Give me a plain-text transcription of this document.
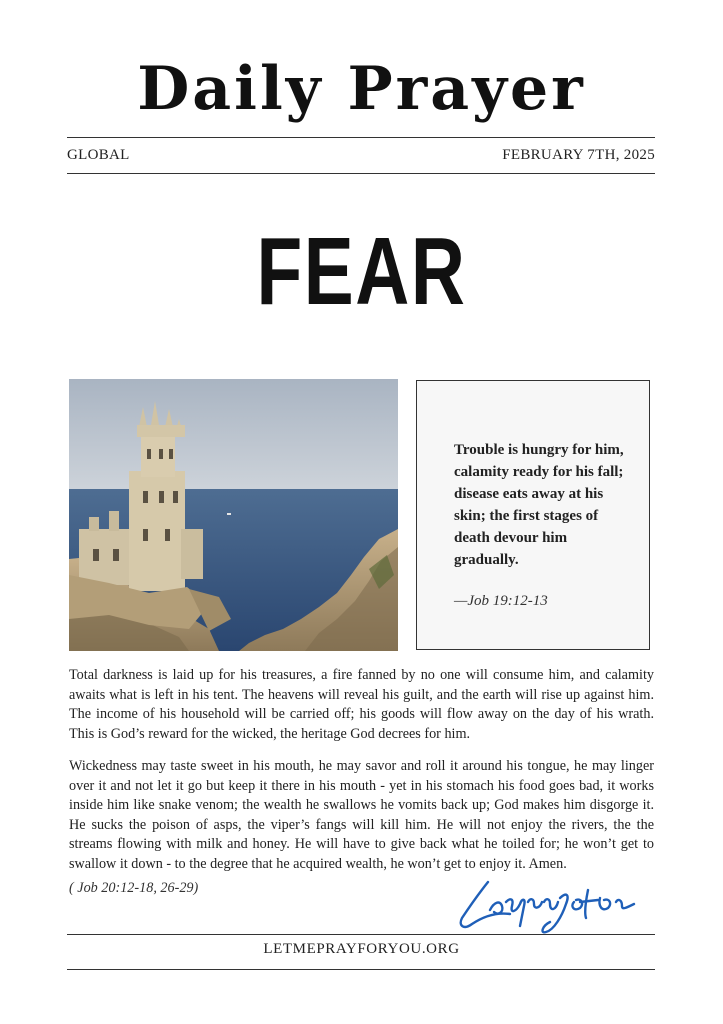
Daily Prayer
GLOBAL	FEBRUARY 7TH, 2025
FEAR

Trouble is hungry for him, calamity ready for his fall; disease eats away at his skin; the first stages of death devour him gradually.

—Job 19:12-13

Total darkness is laid up for his treasures, a fire fanned by no one will consume him, and calamity awaits what is left in his tent. The heavens will reveal his guilt, and the earth will rise up against him. The income of his household will be carried off; his goods will flow away on the day of his wrath. This is God’s reward for the wicked, the heritage God decrees for him.

Wickedness may taste sweet in his mouth, he may savor and roll it around his tongue, he may linger over it and not let it go but keep it there in his mouth - yet in his stomach his food goes bad, it works inside him like snake venom; the wealth he swallows he vomits back up; God makes him disgorge it. He sucks the poison of asps, the viper’s fangs will kill him. He will not enjoy the rivers, the the streams flowing with milk and honey. He will have to give back what he toiled for; he won’t get to swallow it down - to the degree that he acquired wealth, he won’t get to enjoy it. Amen.

( Job 20:12-18, 26-29)
LETMEPRAYFORYOU.ORG
